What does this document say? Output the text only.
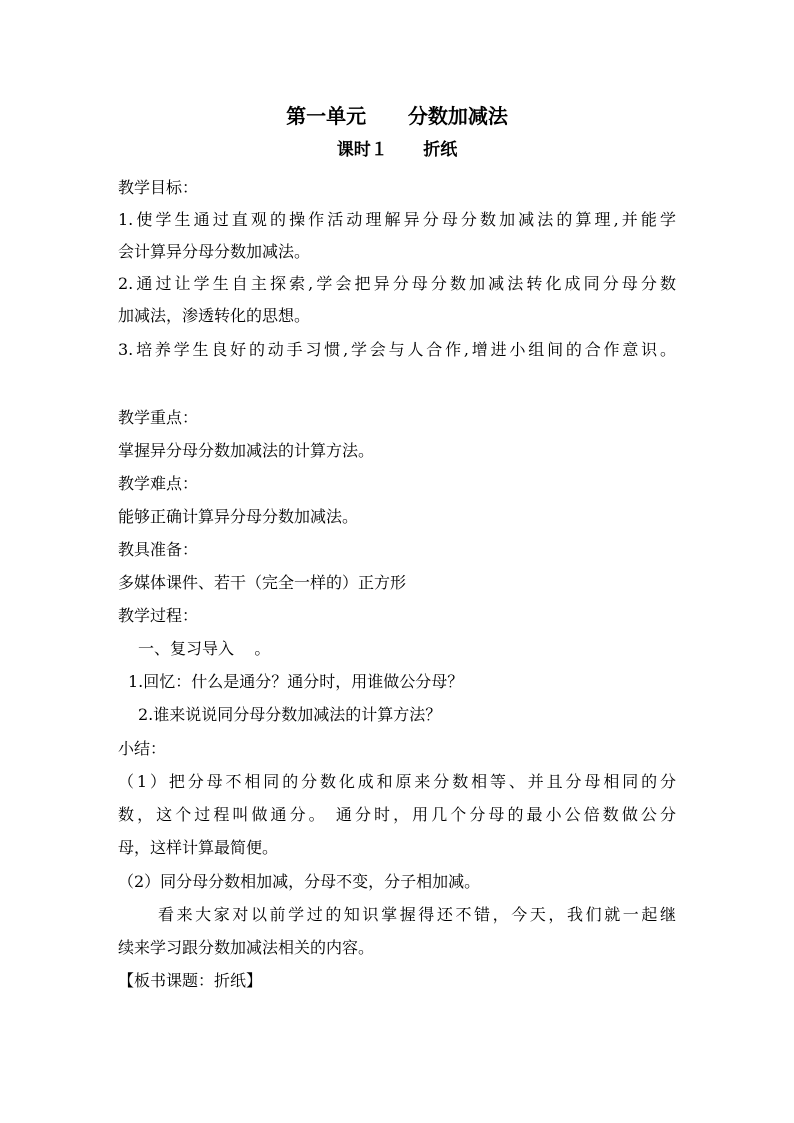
第一单元      分数加减法
课时１      折纸
教学目标：
1.使学生通过直观的操作活动理解异分母分数加减法的算理,并能学
会计算异分母分数加减法。
2.通过让学生自主探索,学会把异分母分数加减法转化成同分母分数
加减法，渗透转化的思想。
3.培养学生良好的动手习惯,学会与人合作,增进小组间的合作意识。
教学重点：
掌握异分母分数加减法的计算方法。
教学难点：
能够正确计算异分母分数加减法。
教具准备：
多媒体课件、若干（完全一样的）正方形
教学过程：
一、复习导入    。
1.回忆：什么是通分？通分时，用谁做公分母？
2.谁来说说同分母分数加减法的计算方法？
小结：
（1）把分母不相同的分数化成和原来分数相等、并且分母相同的分
数，这个过程叫做通分。 通分时，用几个分母的最小公倍数做公分
母，这样计算最简便。
（2）同分母分数相加减，分母不变，分子相加减。
看来大家对以前学过的知识掌握得还不错，今天，我们就一起继
续来学习跟分数加减法相关的内容。
【板书课题：折纸】
